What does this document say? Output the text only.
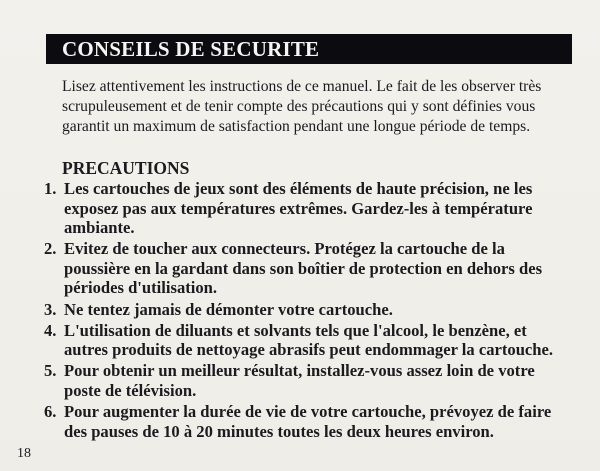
CONSEILS DE SECURITE

Lisez attentivement les instructions de ce manuel. Le fait de les observer très scrupuleusement et de tenir compte des précautions qui y sont définies vous garantit un maximum de satisfaction pendant une longue période de temps.

PRECAUTIONS
1. Les cartouches de jeux sont des éléments de haute précision, ne les exposez pas aux températures extrêmes. Gardez-les à température ambiante.
2. Evitez de toucher aux connecteurs. Protégez la cartouche de la poussière en la gardant dans son boîtier de protection en dehors des périodes d'utilisation.
3. Ne tentez jamais de démonter votre cartouche.
4. L'utilisation de diluants et solvants tels que l'alcool, le benzène, et autres produits de nettoyage abrasifs peut endommager la cartouche.
5. Pour obtenir un meilleur résultat, installez-vous assez loin de votre poste de télévision.
6. Pour augmenter la durée de vie de votre cartouche, prévoyez de faire des pauses de 10 à 20 minutes toutes les deux heures environ.
18
